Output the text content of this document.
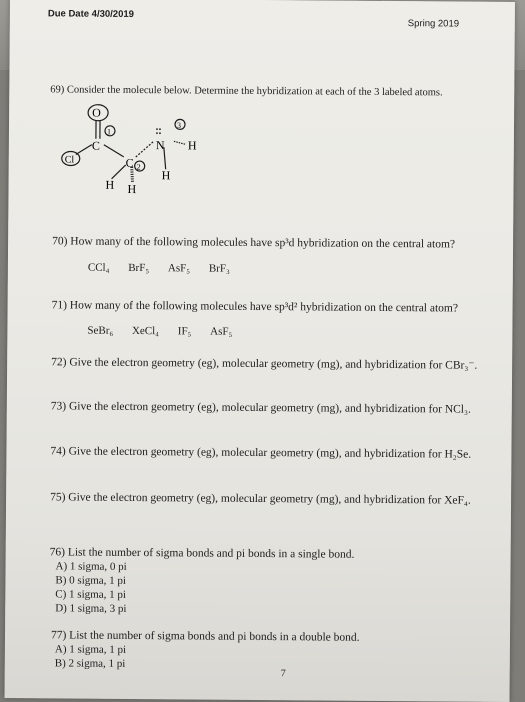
Due Date 4/30/2019
Spring 2019
69) Consider the molecule below. Determine the hybridization at each of the 3 labeled atoms.
O
C
C
N
Cl
H
H
H H
1
2
3
70) How many of the following molecules have sp³d hybridization on the central atom?
CCl₄ BrF₅ AsF₅ BrF₃
71) How many of the following molecules have sp³d² hybridization on the central atom?
SeBr₆ XeCl₄ IF₅ AsF₅
72) Give the electron geometry (eg), molecular geometry (mg), and hybridization for CBr₃⁻.
73) Give the electron geometry (eg), molecular geometry (mg), and hybridization for NCl₃.
74) Give the electron geometry (eg), molecular geometry (mg), and hybridization for H₂Se.
75) Give the electron geometry (eg), molecular geometry (mg), and hybridization for XeF₄.
76) List the number of sigma bonds and pi bonds in a single bond.
A) 1 sigma, 0 pi
B) 0 sigma, 1 pi
C) 1 sigma, 1 pi
D) 1 sigma, 3 pi
77) List the number of sigma bonds and pi bonds in a double bond.
A) 1 sigma, 1 pi
B) 2 sigma, 1 pi
7
